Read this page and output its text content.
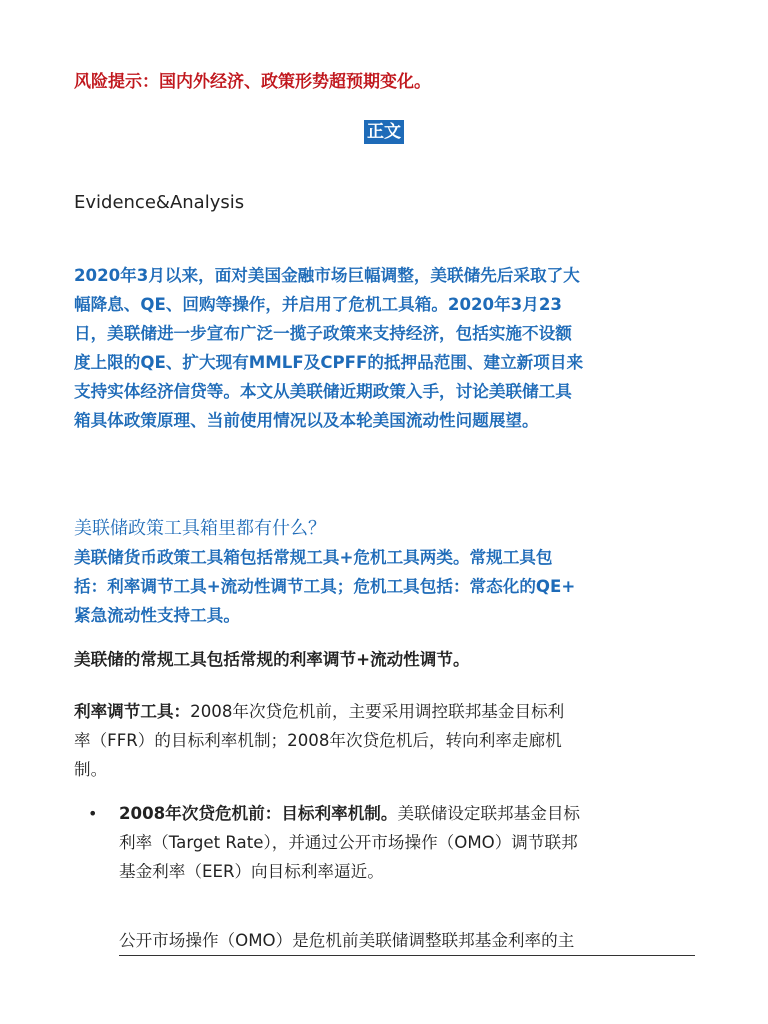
风险提示：国内外经济、政策形势超预期变化。
正文
Evidence&Analysis
2020年3月以来，面对美国金融市场巨幅调整，美联储先后采取了大
幅降息、QE、回购等操作，并启用了危机工具箱。2020年3月23
日，美联储进一步宣布广泛一揽子政策来支持经济，包括实施不设额
度上限的QE、扩大现有MMLF及CPFF的抵押品范围、建立新项目来
支持实体经济信贷等。本文从美联储近期政策入手，讨论美联储工具
箱具体政策原理、当前使用情况以及本轮美国流动性问题展望。
美联储政策工具箱里都有什么？
美联储货币政策工具箱包括常规工具+危机工具两类。常规工具包
括：利率调节工具+流动性调节工具；危机工具包括：常态化的QE+
紧急流动性支持工具。
美联储的常规工具包括常规的利率调节+流动性调节。
利率调节工具：2008年次贷危机前，主要采用调控联邦基金目标利
率（FFR）的目标利率机制；2008年次贷危机后，转向利率走廊机
制。
• 2008年次贷危机前：目标利率机制。美联储设定联邦基金目标
利率（Target Rate），并通过公开市场操作（OMO）调节联邦
基金利率（EER）向目标利率逼近。
公开市场操作（OMO）是危机前美联储调整联邦基金利率的主
